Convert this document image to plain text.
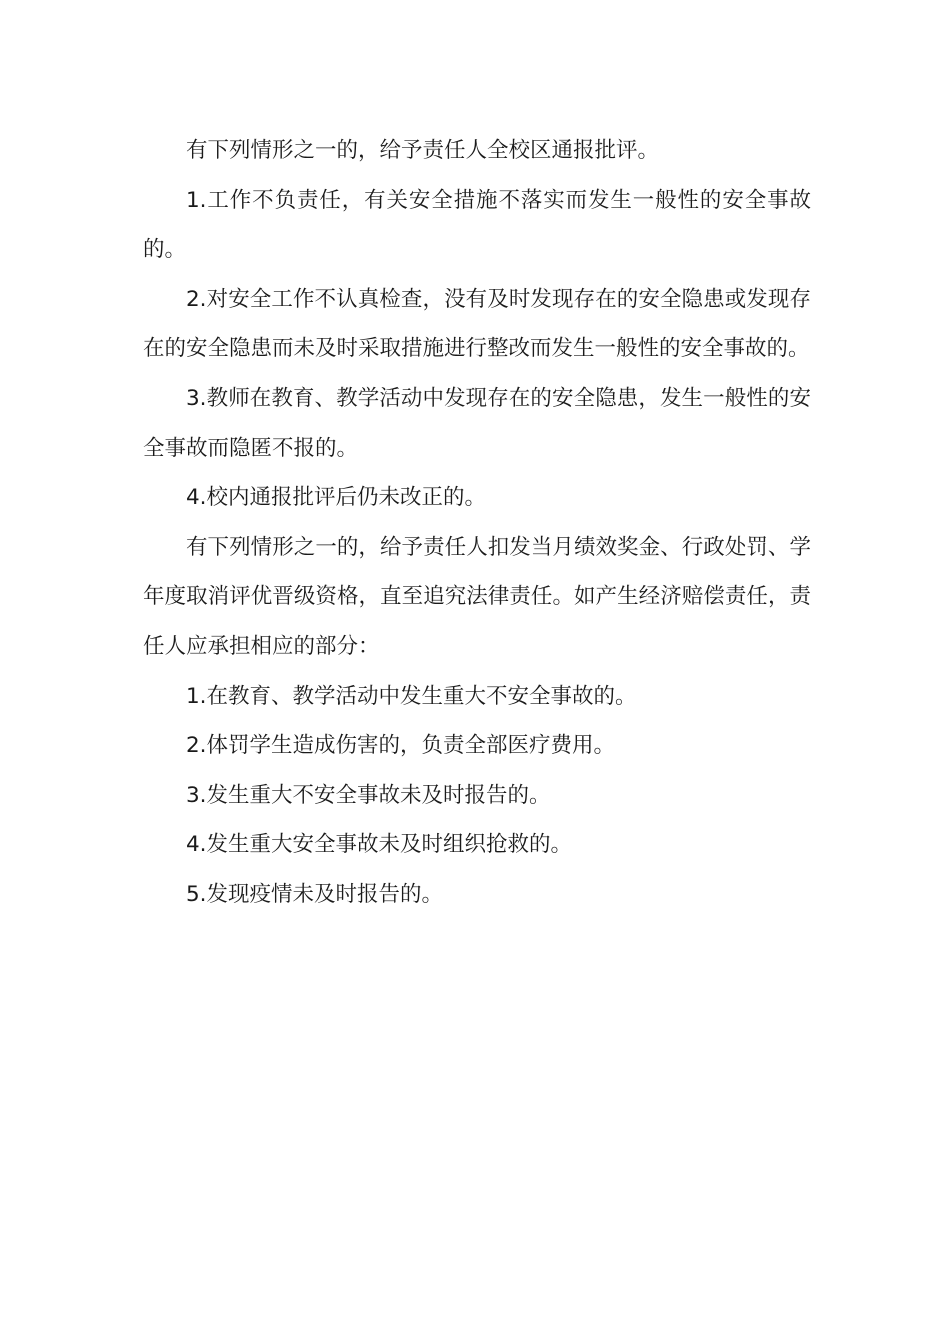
有下列情形之一的，给予责任人全校区通报批评。

1.工作不负责任，有关安全措施不落实而发生一般性的安全事故的。

2.对安全工作不认真检查，没有及时发现存在的安全隐患或发现存在的安全隐患而未及时采取措施进行整改而发生一般性的安全事故的。

3.教师在教育、教学活动中发现存在的安全隐患，发生一般性的安全事故而隐匿不报的。

4.校内通报批评后仍未改正的。

有下列情形之一的，给予责任人扣发当月绩效奖金、行政处罚、学年度取消评优晋级资格，直至追究法律责任。如产生经济赔偿责任，责任人应承担相应的部分：

1.在教育、教学活动中发生重大不安全事故的。

2.体罚学生造成伤害的，负责全部医疗费用。

3.发生重大不安全事故未及时报告的。

4.发生重大安全事故未及时组织抢救的。

5.发现疫情未及时报告的。
